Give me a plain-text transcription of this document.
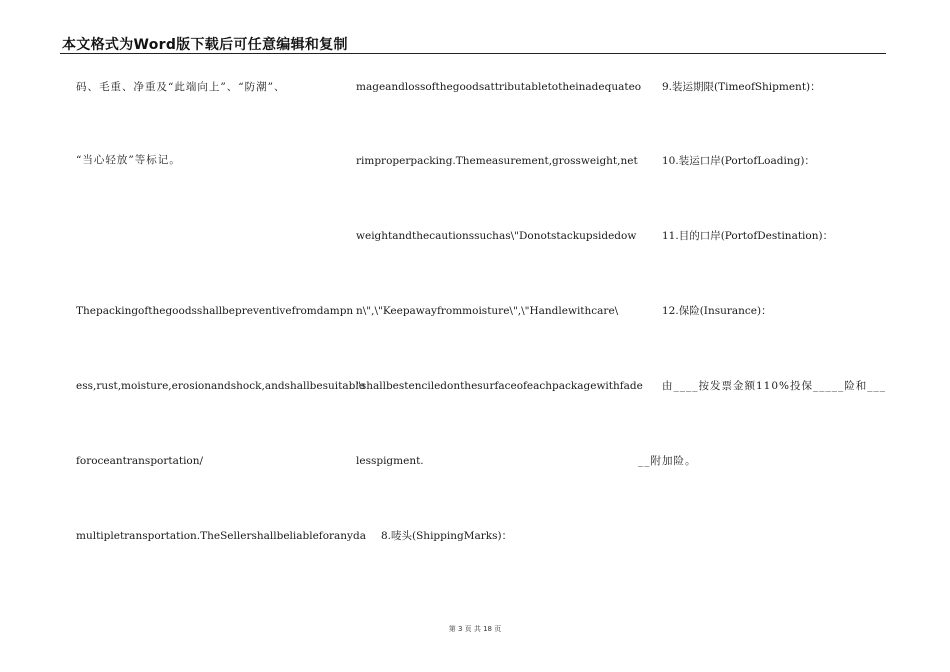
本文格式为Word版下载后可任意编辑和复制
码、毛重、净重及“此端向上”、“防潮”、
“当心轻放”等标记。
Thepackingofthegoodsshallbepreventivefromdampn
ess,rust,moisture,erosionandshock,andshallbesuitable
foroceantransportation/
multipletransportation.TheSellershallbeliableforanyda
mageandlossofthegoodsattributabletotheinadequateo
rimproperpacking.Themeasurement,grossweight,net
weightandthecautionssuchas\"Donotstackupsidedow
n\",\"Keepawayfrommoisture\",\"Handlewithcare\
"shallbestenciledonthesurfaceofeachpackagewithfade
lesspigment.
8.唛头(ShippingMarks)：
9.装运期限(TimeofShipment)：
10.装运口岸(PortofLoading)：
11.目的口岸(PortofDestination)：
12.保险(Insurance)：
由____按发票金额110%投保_____险和___
__附加险。
第 3 页 共 18 页
